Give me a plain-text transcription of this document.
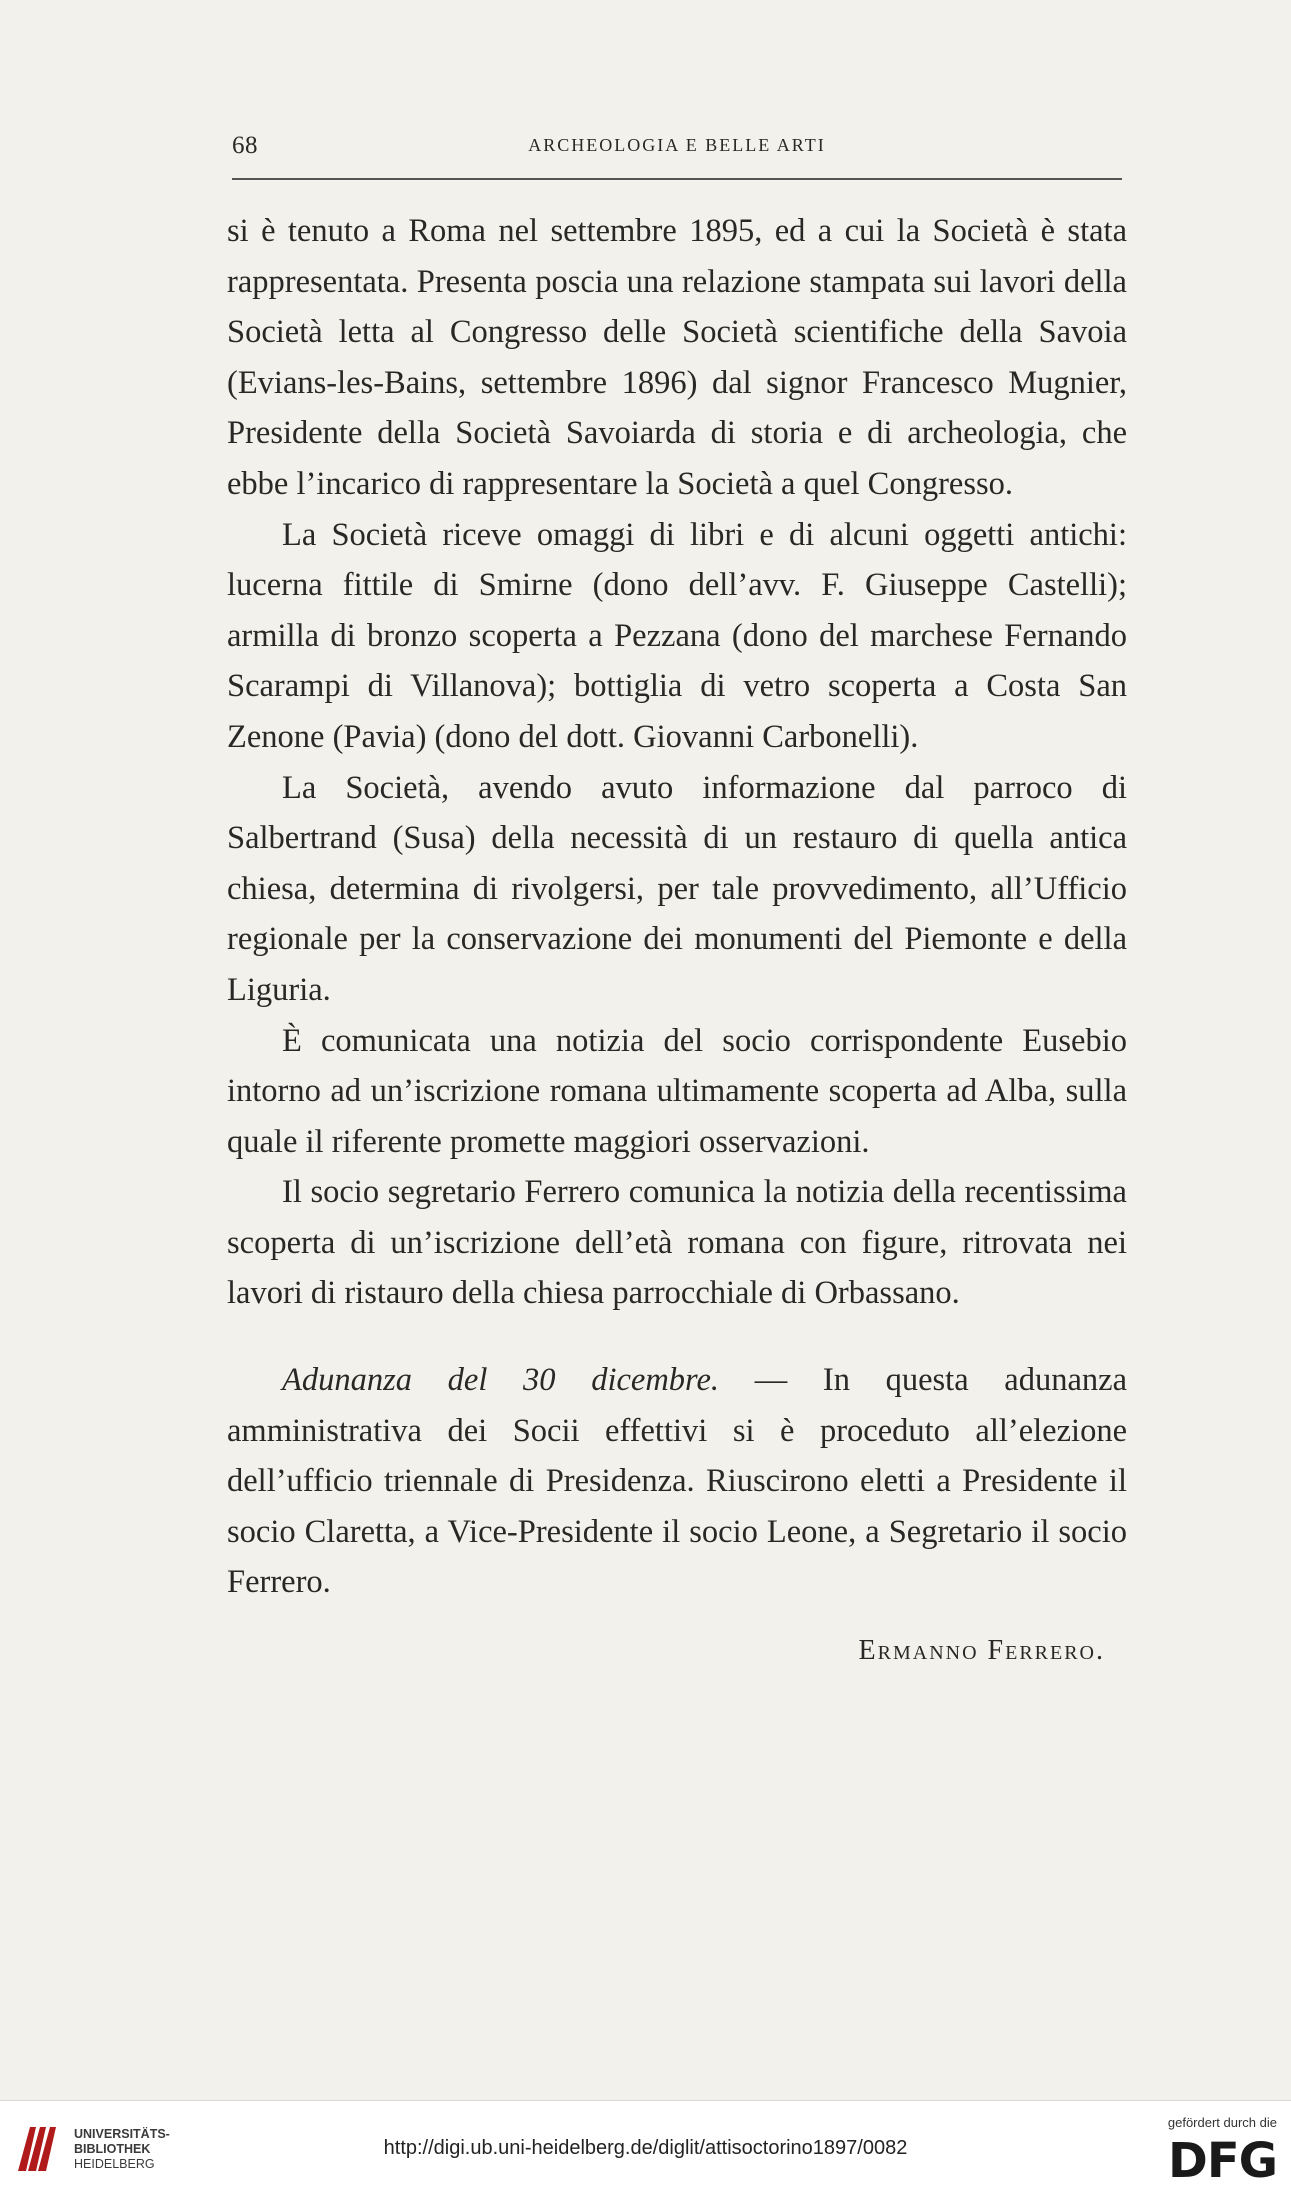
68	ARCHEOLOGIA E BELLE ARTI

si è tenuto a Roma nel settembre 1895, ed a cui la Società è stata rappresentata. Presenta poscia una relazione stampata sui lavori della Società letta al Congresso delle Società scientifiche della Savoia (Evians-les-Bains, settembre 1896) dal signor Francesco Mugnier, Presidente della Società Savoiarda di storia e di archeologia, che ebbe l’incarico di rappresentare la Società a quel Congresso.

La Società riceve omaggi di libri e di alcuni oggetti antichi: lucerna fittile di Smirne (dono dell’avv. F. Giuseppe Castelli); armilla di bronzo scoperta a Pezzana (dono del marchese Fernando Scarampi di Villanova); bottiglia di vetro scoperta a Costa San Zenone (Pavia) (dono del dott. Giovanni Carbonelli).

La Società, avendo avuto informazione dal parroco di Salbertrand (Susa) della necessità di un restauro di quella antica chiesa, determina di rivolgersi, per tale provvedimento, all’Ufficio regionale per la conservazione dei monumenti del Piemonte e della Liguria.

È comunicata una notizia del socio corrispondente Eusebio intorno ad un’iscrizione romana ultimamente scoperta ad Alba, sulla quale il riferente promette maggiori osservazioni.

Il socio segretario Ferrero comunica la notizia della recentissima scoperta di un’iscrizione dell’età romana con figure, ritrovata nei lavori di ristauro della chiesa parrocchiale di Orbassano.

Adunanza del 30 dicembre. — In questa adunanza amministrativa dei Socii effettivi si è proceduto all’elezione dell’ufficio triennale di Presidenza. Riuscirono eletti a Presidente il socio Claretta, a Vice-Presidente il socio Leone, a Segretario il socio Ferrero.

Ermanno Ferrero.
UNIVERSITÄTS-
BIBLIOTHEK
HEIDELBERG
http://digi.ub.uni-heidelberg.de/diglit/attisoctorino1897/0082
gefördert durch die
DFG
